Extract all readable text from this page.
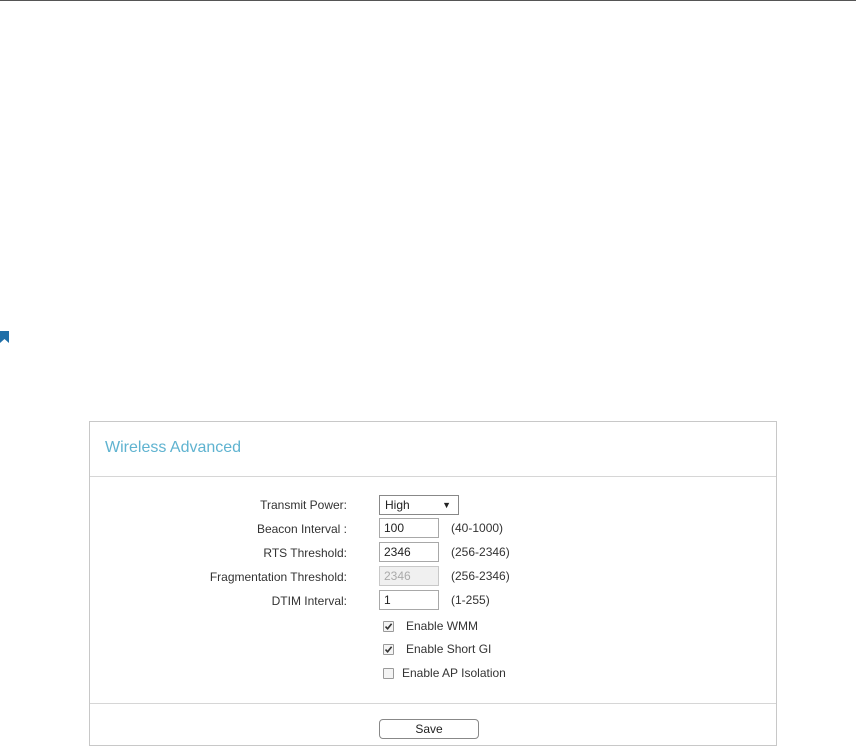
Wireless Advanced
Transmit Power:	High	▼
Beacon Interval :
100	(40-1000)
RTS Threshold:
2346	(256-2346)
Fragmentation Threshold:
2346	(256-2346)
DTIM Interval:
1	(1-255)
Enable WMM
Enable Short GI
Enable AP Isolation
Save
